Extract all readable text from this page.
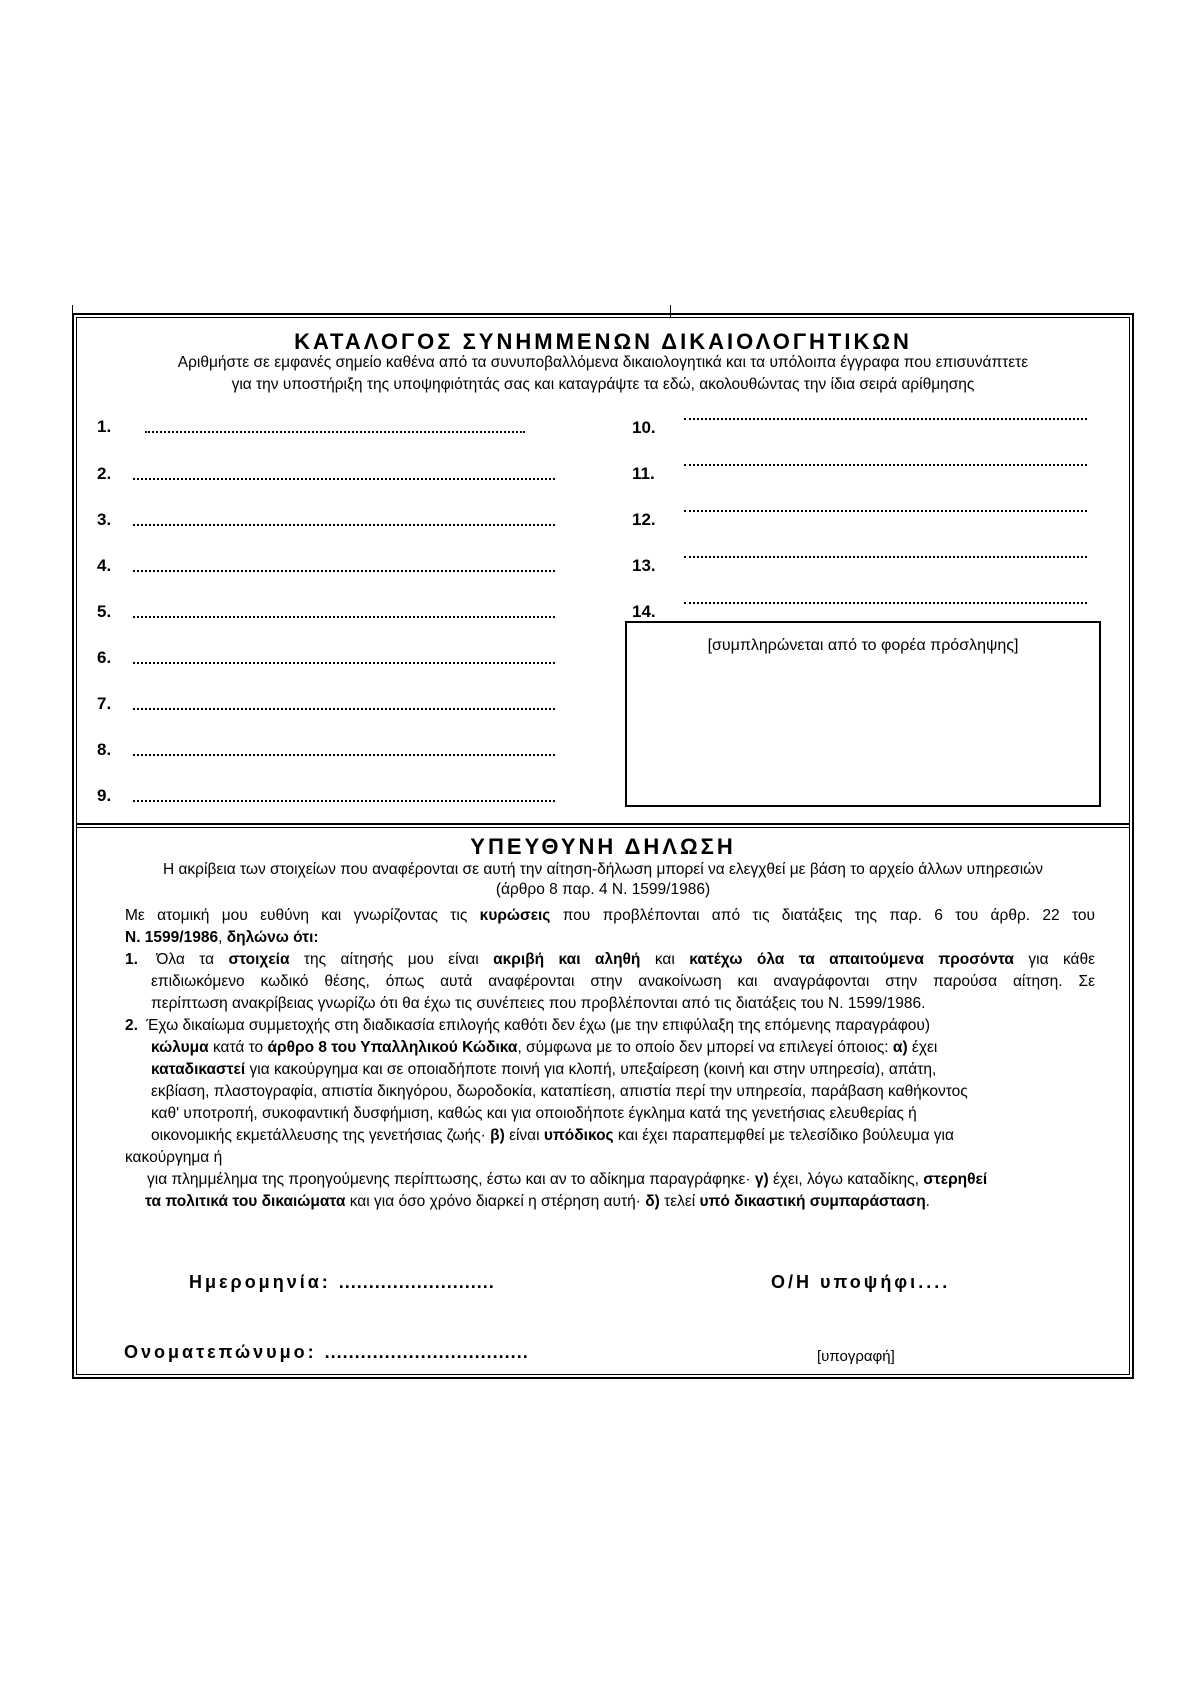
ΚΑΤΑΛΟΓΟΣ ΣΥΝΗΜΜΕΝΩΝ ΔΙΚΑΙΟΛΟΓΗΤΙΚΩΝ
Αριθμήστε σε εμφανές σημείο καθένα από τα συνυποβαλλόμενα δικαιολογητικά και τα υπόλοιπα έγγραφα που επισυνάπτετε
για την υποστήριξη της υποψηφιότητάς σας και καταγράψτε τα εδώ, ακολουθώντας την ίδια σειρά αρίθμησης
1.
2.
3.
4.
5.
6.
7.
8.
9.
10.
11.
12.
13.
14.
[συμπληρώνεται από το φορέα πρόσληψης]
ΥΠΕΥΘΥΝΗ ΔΗΛΩΣΗ
Η ακρίβεια των στοιχείων που αναφέρονται σε αυτή την αίτηση-δήλωση μπορεί να ελεγχθεί με βάση το αρχείο άλλων υπηρεσιών
(άρθρο 8 παρ. 4 Ν. 1599/1986)
Με ατομική μου ευθύνη και γνωρίζοντας τις κυρώσεις που προβλέπονται από τις διατάξεις της παρ. 6 του άρθρ. 22 του
Ν. 1599/1986, δηλώνω ότι:
1. Όλα τα στοιχεία της αίτησής μου είναι ακριβή και αληθή και κατέχω όλα τα απαιτούμενα προσόντα για κάθε
επιδιωκόμενο κωδικό θέσης, όπως αυτά αναφέρονται στην ανακοίνωση και αναγράφονται στην παρούσα αίτηση. Σε
περίπτωση ανακρίβειας γνωρίζω ότι θα έχω τις συνέπειες που προβλέπονται από τις διατάξεις του Ν. 1599/1986.
2. Έχω δικαίωμα συμμετοχής στη διαδικασία επιλογής καθότι δεν έχω (με την επιφύλαξη της επόμενης παραγράφου)
κώλυμα κατά το άρθρο 8 του Υπαλληλικού Κώδικα, σύμφωνα με το οποίο δεν μπορεί να επιλεγεί όποιος: α) έχει
καταδικαστεί για κακούργημα και σε οποιαδήποτε ποινή για κλοπή, υπεξαίρεση (κοινή και στην υπηρεσία), απάτη,
εκβίαση, πλαστογραφία, απιστία δικηγόρου, δωροδοκία, καταπίεση, απιστία περί την υπηρεσία, παράβαση καθήκοντος
καθ' υποτροπή, συκοφαντική δυσφήμιση, καθώς και για οποιοδήποτε έγκλημα κατά της γενετήσιας ελευθερίας ή
οικονομικής εκμετάλλευσης της γενετήσιας ζωής· β) είναι υπόδικος και έχει παραπεμφθεί με τελεσίδικο βούλευμα για
κακούργημα ή
για πλημμέλημα της προηγούμενης περίπτωσης, έστω και αν το αδίκημα παραγράφηκε· γ) έχει, λόγω καταδίκης, στερηθεί
τα πολιτικά του δικαιώματα και για όσο χρόνο διαρκεί η στέρηση αυτή· δ) τελεί υπό δικαστική συμπαράσταση.
Ημερομηνία: ..........................	Ο/Η υποψήφι....
Ονοματεπώνυμο: ..................................	[υπογραφή]
